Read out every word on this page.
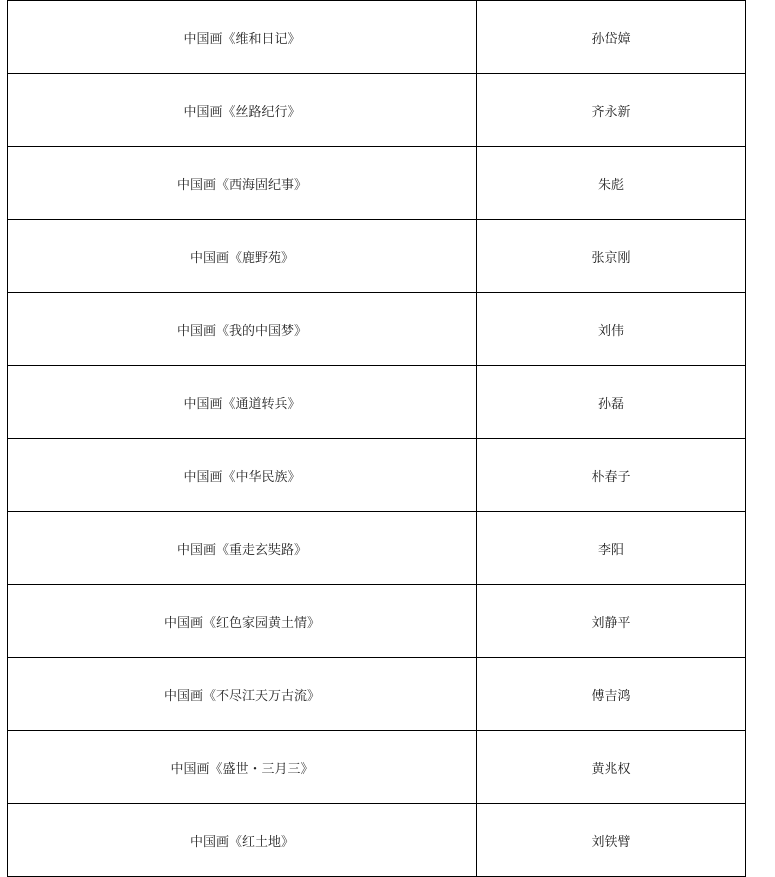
中国画《维和日记》	孙岱嫜
中国画《丝路纪行》	齐永新
中国画《西海固纪事》	朱彪
中国画《鹿野苑》	张京刚
中国画《我的中国梦》	刘伟
中国画《通道转兵》	孙磊
中国画《中华民族》	朴春子
中国画《重走玄奘路》	李阳
中国画《红色家园黄土情》	刘静平
中国画《不尽江天万古流》	傅吉鸿
中国画《盛世・三月三》	黄兆权
中国画《红土地》	刘铁臂
